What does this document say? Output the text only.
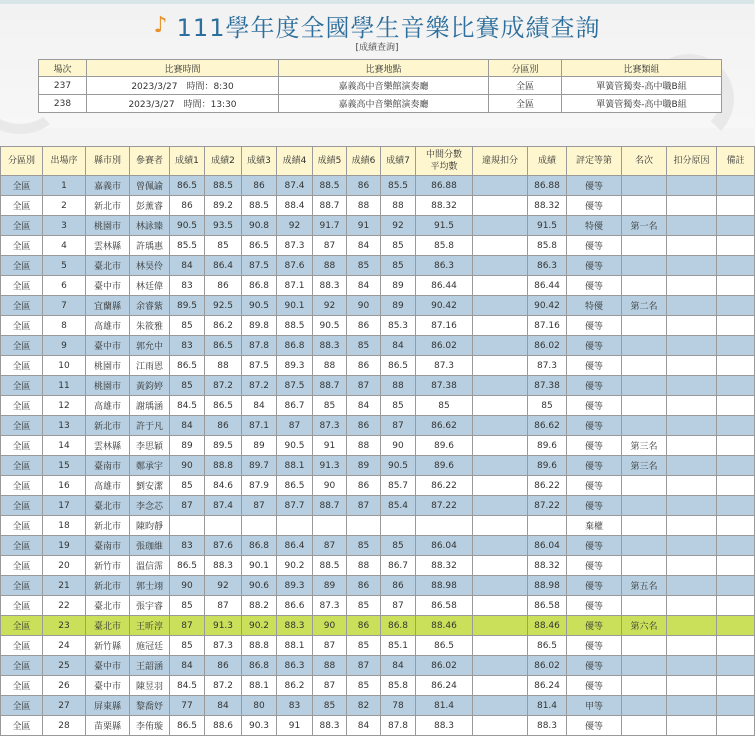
♪ 111學年度全國學生音樂比賽成績查詢
[成績查詢]
場次	比賽時間	比賽地點	分區別	比賽類組
237	2023/3/27　時間：8:30	嘉義高中音樂館演奏廳	全區	單簧管獨奏-高中職B組
238	2023/3/27　時間：13:30	嘉義高中音樂館演奏廳	全區	單簧管獨奏-高中職B組
分區別	出場序	縣市別	參賽者	成績1	成績2	成績3	成績4	成績5	成績6	成績7	中間分數
平均數	違規扣分	成績	評定等第	名次	扣分原因	備註
全區	1	嘉義市	曾佩諭	86.5	88.5	86	87.4	88.5	86	85.5	86.88		86.88	優等			
全區	2	新北市	彭薰睿	86	89.2	88.5	88.4	88.7	88	88	88.32		88.32	優等			
全區	3	桃園市	林詠臻	90.5	93.5	90.8	92	91.7	91	92	91.5		91.5	特優	第一名		
全區	4	雲林縣	許瑀惠	85.5	85	86.5	87.3	87	84	85	85.8		85.8	優等			
全區	5	臺北市	林昊伶	84	86.4	87.5	87.6	88	85	85	86.3		86.3	優等			
全區	6	臺中市	林廷偉	83	86	86.8	87.1	88.3	84	89	86.44		86.44	優等			
全區	7	宜蘭縣	余睿紫	89.5	92.5	90.5	90.1	92	90	89	90.42		90.42	特優	第二名		
全區	8	高雄市	朱筱雅	85	86.2	89.8	88.5	90.5	86	85.3	87.16		87.16	優等			
全區	9	臺中市	郭允中	83	86.5	87.8	86.8	88.3	85	84	86.02		86.02	優等			
全區	10	桃園市	江雨恩	86.5	88	87.5	89.3	88	86	86.5	87.3		87.3	優等			
全區	11	桃園市	黃鈞婷	85	87.2	87.2	87.5	88.7	87	88	87.38		87.38	優等			
全區	12	高雄市	謝瑀涵	84.5	86.5	84	86.7	85	84	85	85		85	優等			
全區	13	新北市	許于凡	84	86	87.1	87	87.3	86	87	86.62		86.62	優等			
全區	14	雲林縣	李思穎	89	89.5	89	90.5	91	88	90	89.6		89.6	優等	第三名		
全區	15	臺南市	鄭承宇	90	88.8	89.7	88.1	91.3	89	90.5	89.6		89.6	優等	第三名		
全區	16	高雄市	劉安潔	85	84.6	87.9	86.5	90	86	85.7	86.22		86.22	優等			
全區	17	臺北市	李念芯	87	87.4	87	87.7	88.7	87	85.4	87.22		87.22	優等			
全區	18	新北市	陳昀靜											棄權			
全區	19	臺南市	張珈維	83	87.6	86.8	86.4	87	85	85	86.04		86.04	優等			
全區	20	新竹市	溫信霈	86.5	88.3	90.1	90.2	88.5	88	86.7	88.32		88.32	優等			
全區	21	新北市	郭士翊	90	92	90.6	89.3	89	86	86	88.98		88.98	優等	第五名		
全區	22	臺北市	張宇睿	85	87	88.2	86.6	87.3	85	87	86.58		86.58	優等			
全區	23	臺北市	王昕淳	87	91.3	90.2	88.3	90	86	86.8	88.46		88.46	優等	第六名		
全區	24	新竹縣	施冠廷	85	87.3	88.8	88.1	87	85	85.1	86.5		86.5	優等			
全區	25	臺中市	王韶涵	84	86	86.8	86.3	88	87	84	86.02		86.02	優等			
全區	26	臺中市	陳昱羽	84.5	87.2	88.1	86.2	87	85	85.8	86.24		86.24	優等			
全區	27	屏東縣	黎喬妤	77	84	80	83	85	82	78	81.4		81.4	甲等			
全區	28	苗栗縣	李侑璇	86.5	88.6	90.3	91	88.3	84	87.8	88.3		88.3	優等			
